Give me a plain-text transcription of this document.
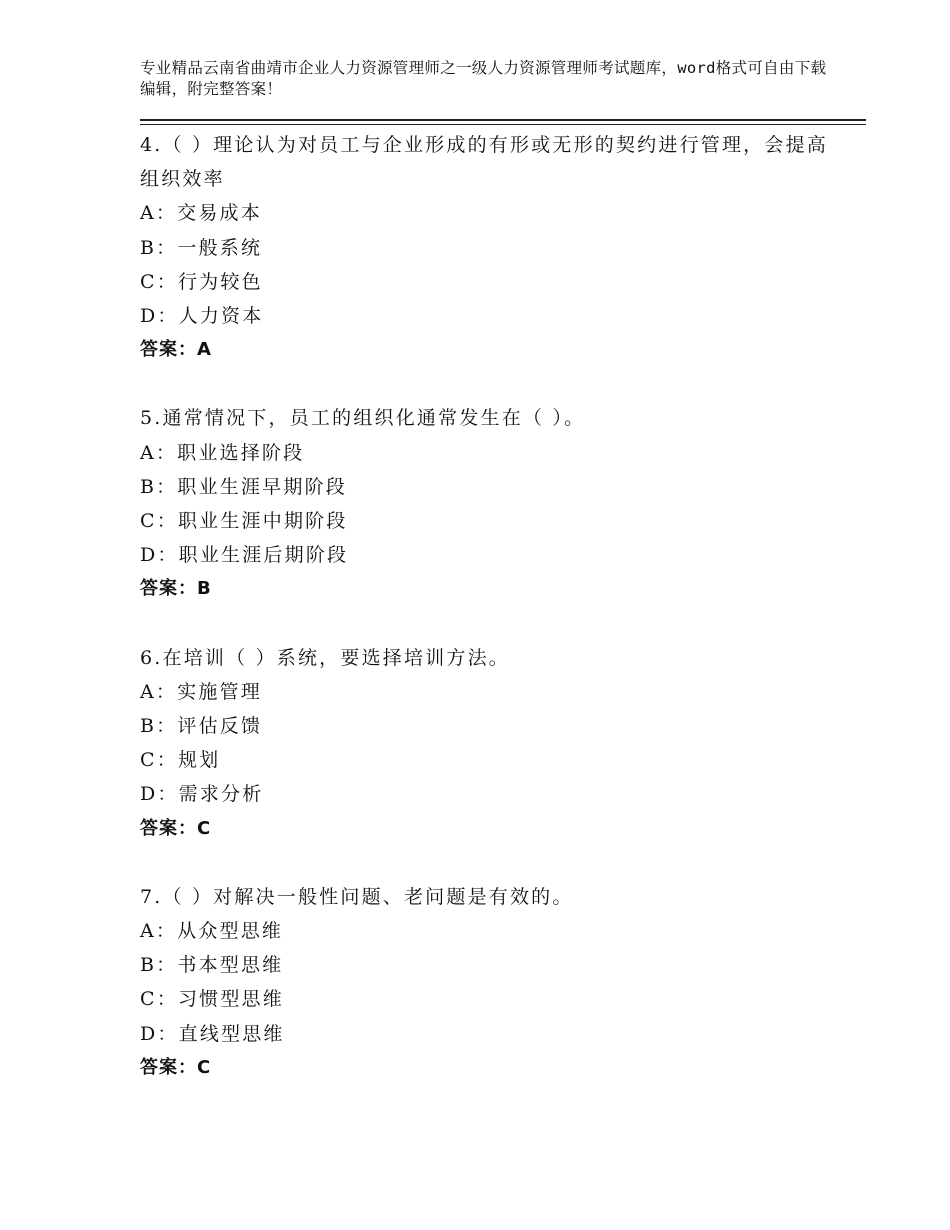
专业精品云南省曲靖市企业人力资源管理师之一级人力资源管理师考试题库，word格式可自由下载编辑，附完整答案！
4.（ ）理论认为对员工与企业形成的有形或无形的契约进行管理，会提高组织效率
A：交易成本
B：一般系统
C：行为较色
D：人力资本
答案：A
5.通常情况下，员工的组织化通常发生在（ ）。
A：职业选择阶段
B：职业生涯早期阶段
C：职业生涯中期阶段
D：职业生涯后期阶段
答案：B
6.在培训（ ）系统，要选择培训方法。
A：实施管理
B：评估反馈
C：规划
D：需求分析
答案：C
7.（ ）对解决一般性问题、老问题是有效的。
A：从众型思维
B：书本型思维
C：习惯型思维
D：直线型思维
答案：C
